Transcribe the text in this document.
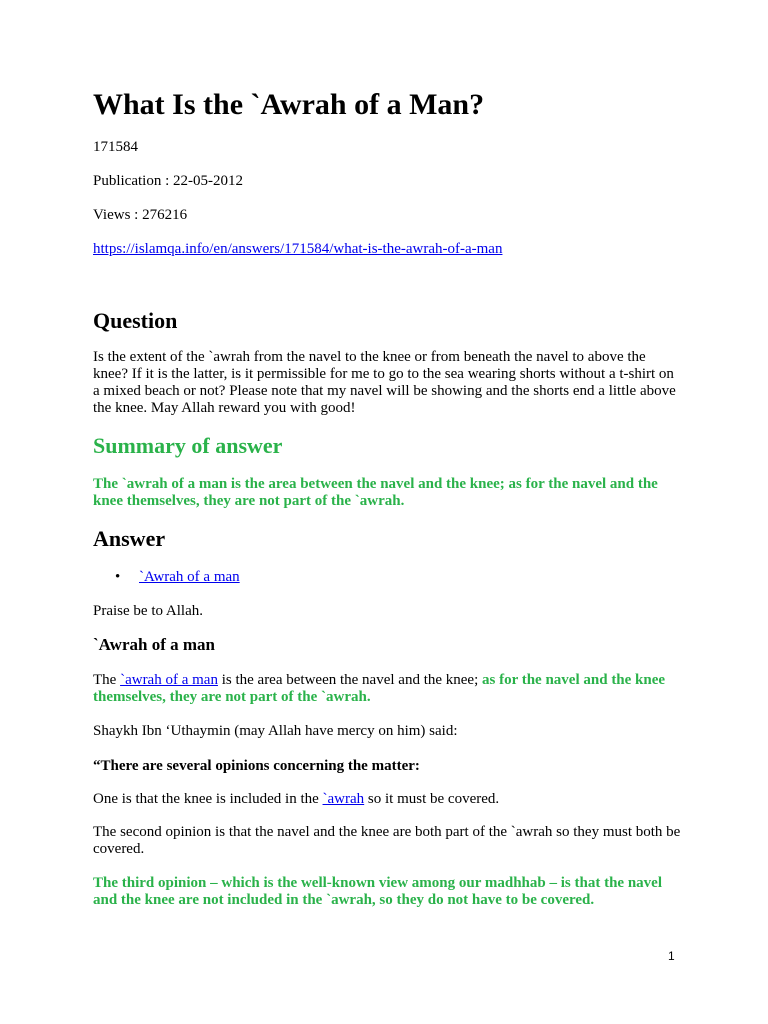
What Is the `Awrah of a Man?

171584

Publication : 22-05-2012

Views : 276216

https://islamqa.info/en/answers/171584/what-is-the-awrah-of-a-man
Question

Is the extent of the `awrah from the navel to the knee or from beneath the navel to above the knee? If it is the latter, is it permissible for me to go to the sea wearing shorts without a t-shirt on a mixed beach or not? Please note that my navel will be showing and the shorts end a little above the knee. May Allah reward you with good!

Summary of answer

The `awrah of a man is the area between the navel and the knee; as for the navel and the knee themselves, they are not part of the `awrah.

Answer
• `Awrah of a man

Praise be to Allah.

`Awrah of a man

The `awrah of a man is the area between the navel and the knee; as for the navel and the knee themselves, they are not part of the `awrah.

Shaykh Ibn ‘Uthaymin (may Allah have mercy on him) said:

“There are several opinions concerning the matter:

One is that the knee is included in the `awrah so it must be covered.

The second opinion is that the navel and the knee are both part of the `awrah so they must both be covered.

The third opinion – which is the well-known view among our madhhab – is that the navel and the knee are not included in the `awrah, so they do not have to be covered.

1
